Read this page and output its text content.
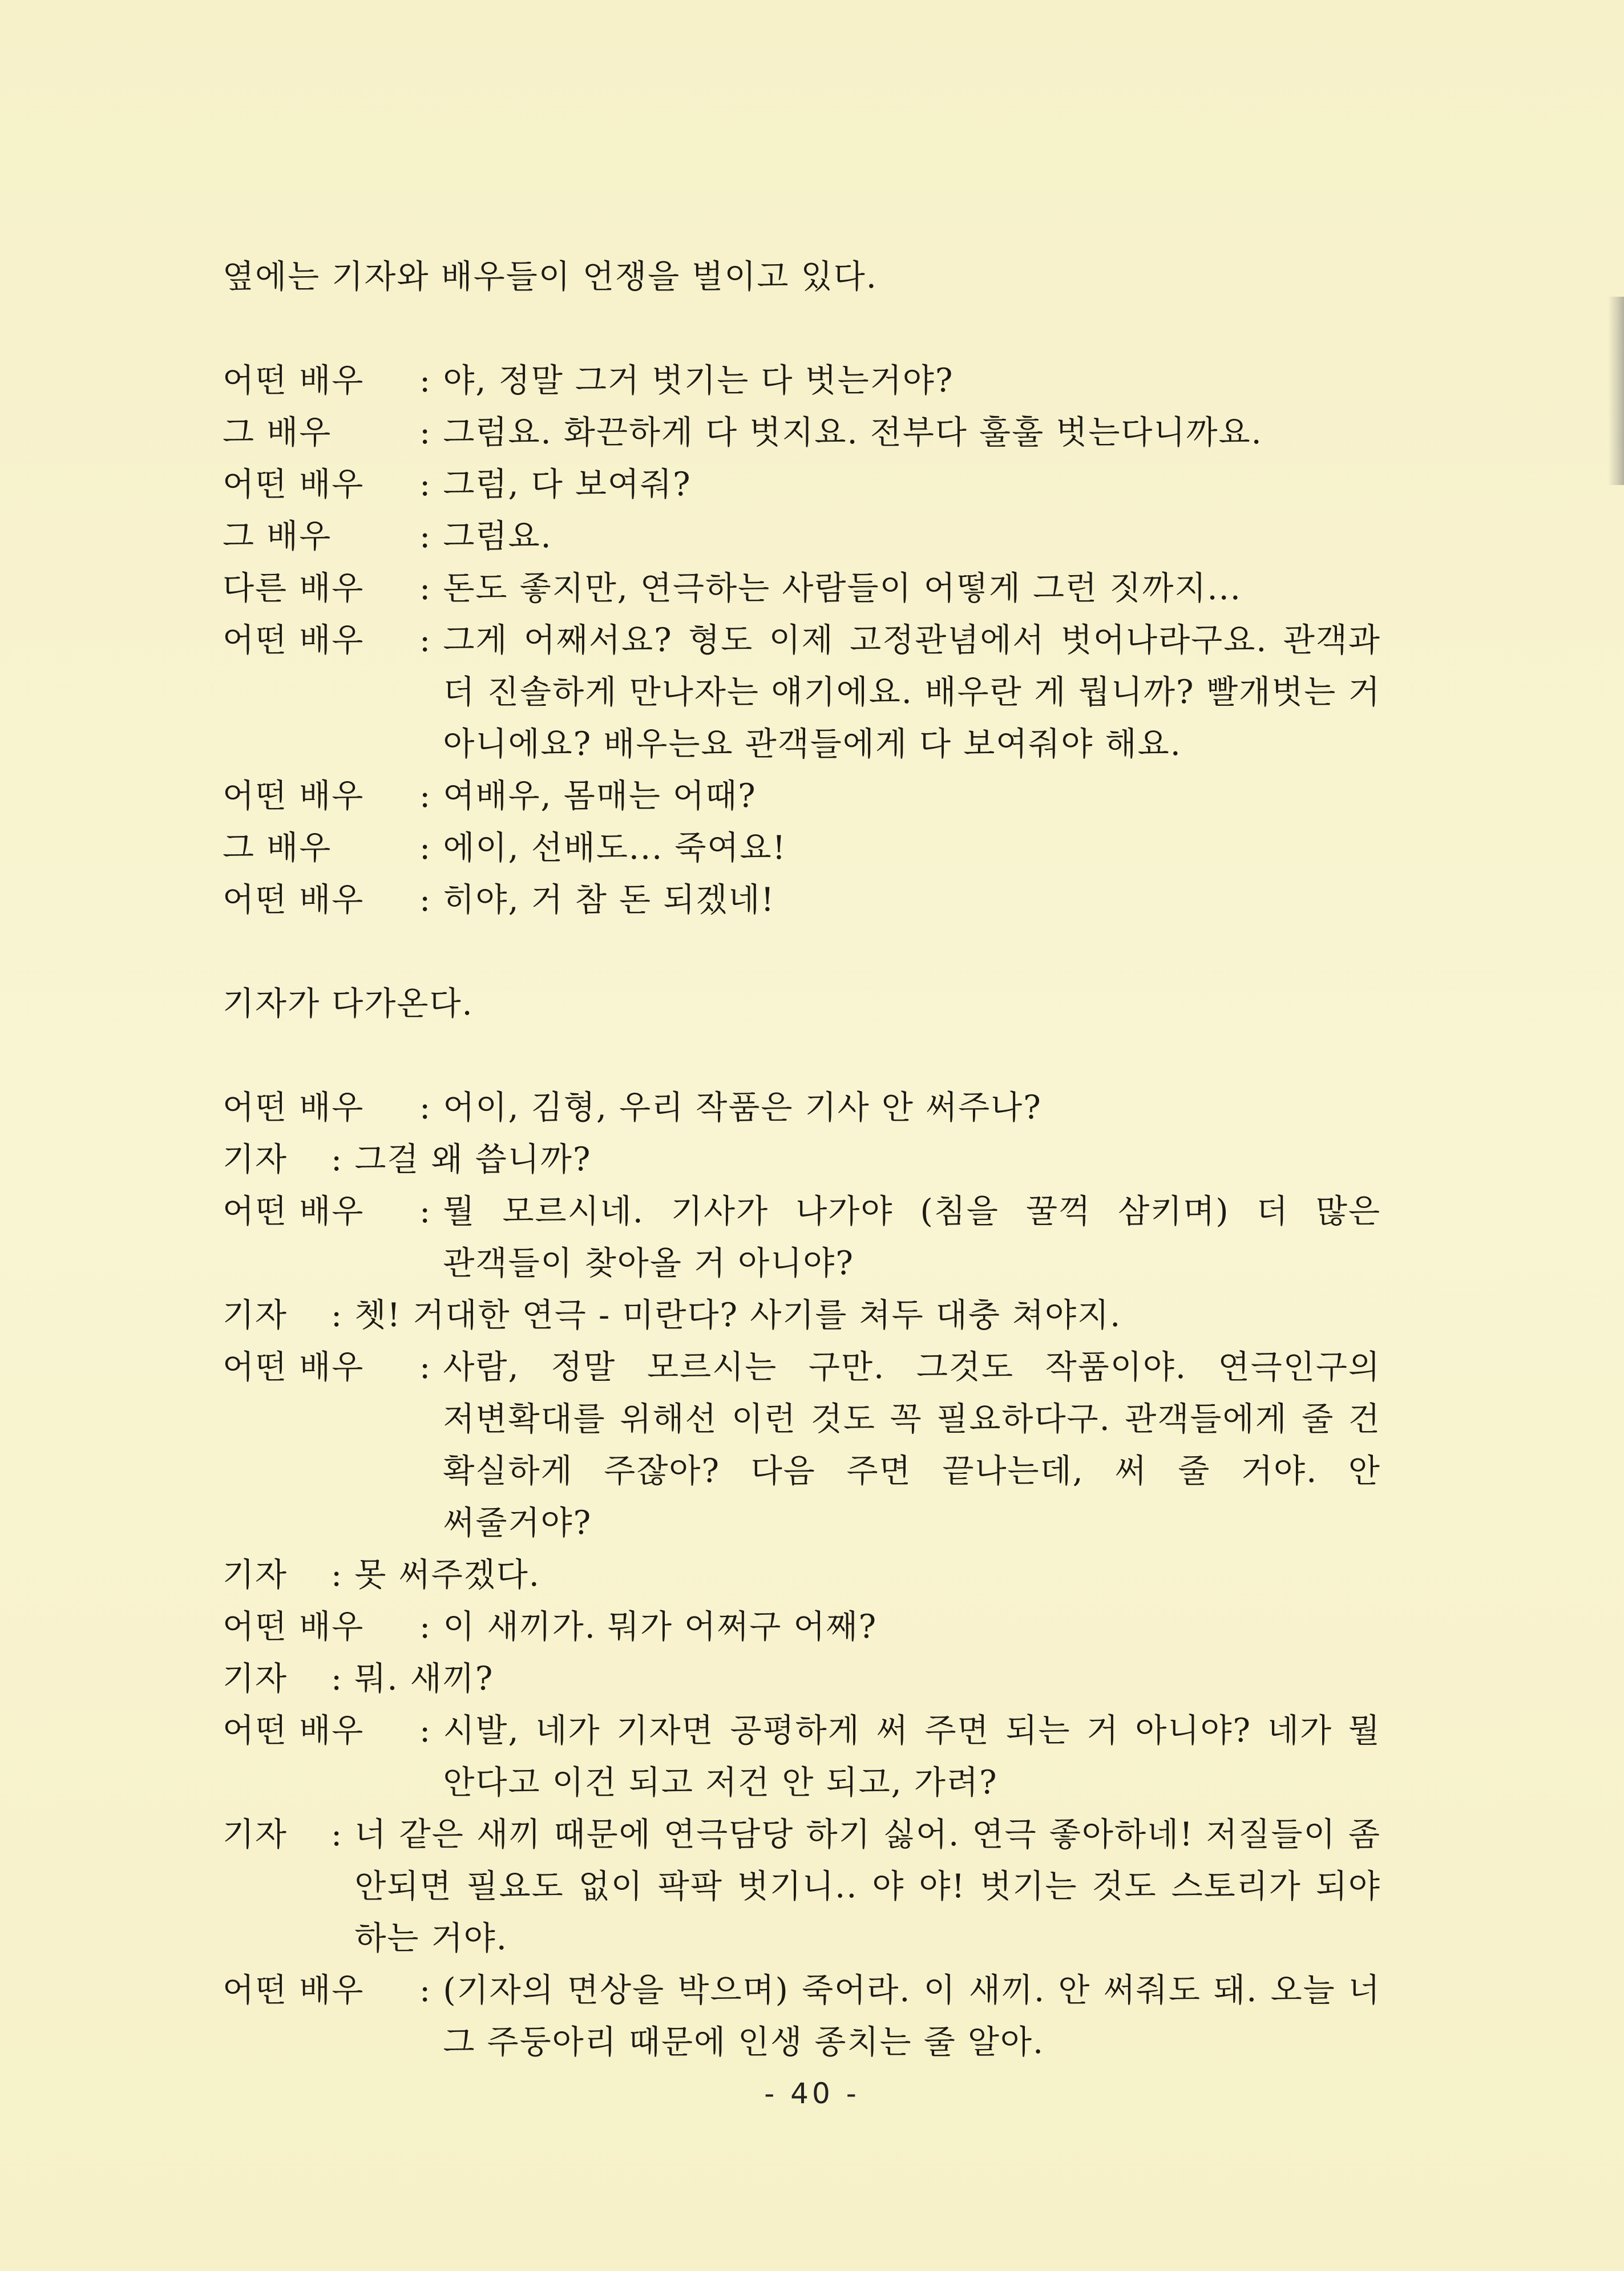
옆에는 기자와 배우들이 언쟁을 벌이고 있다.
어떤 배우	: 야, 정말 그거 벗기는 다 벗는거야?
그 배우	: 그럼요. 화끈하게 다 벗지요. 전부다 훌훌 벗는다니까요.
어떤 배우	: 그럼, 다 보여줘?
그 배우	: 그럼요.
다른 배우	: 돈도 좋지만, 연극하는 사람들이 어떻게 그런 짓까지...
어떤 배우	: 그게 어째서요? 형도 이제 고정관념에서 벗어나라구요. 관객과 더 진솔하게 만나자는 얘기에요. 배우란 게 뭡니까? 빨개벗는 거 아니에요? 배우는요 관객들에게 다 보여줘야 해요.
어떤 배우	: 여배우, 몸매는 어때?
그 배우	: 에이, 선배도... 죽여요!
어떤 배우	: 히야, 거 참 돈 되겠네!
기자가 다가온다.
어떤 배우	: 어이, 김형, 우리 작품은 기사 안 써주나?
기자	: 그걸 왜 씁니까?
어떤 배우	: 뭘 모르시네. 기사가 나가야 (침을 꿀꺽 삼키며) 더 많은 관객들이 찾아올 거 아니야?
기자	: 쳇! 거대한 연극 - 미란다? 사기를 쳐두 대충 쳐야지.
어떤 배우	: 사람, 정말 모르시는 구만. 그것도 작품이야. 연극인구의 저변확대를 위해선 이런 것도 꼭 필요하다구. 관객들에게 줄 건 확실하게 주잖아? 다음 주면 끝나는데, 써 줄 거야. 안 써줄거야?
기자	: 못 써주겠다.
어떤 배우	: 이 새끼가. 뭐가 어쩌구 어째?
기자	: 뭐. 새끼?
어떤 배우	: 시발, 네가 기자면 공평하게 써 주면 되는 거 아니야? 네가 뭘 안다고 이건 되고 저건 안 되고, 가려?
기자	: 너 같은 새끼 때문에 연극담당 하기 싫어. 연극 좋아하네! 저질들이 좀 안되면 필요도 없이 팍팍 벗기니.. 야 야! 벗기는 것도 스토리가 되야 하는 거야.
어떤 배우	: (기자의 면상을 박으며) 죽어라. 이 새끼. 안 써줘도 돼. 오늘 너 그 주둥아리 때문에 인생 종치는 줄 알아.
- 40 -
